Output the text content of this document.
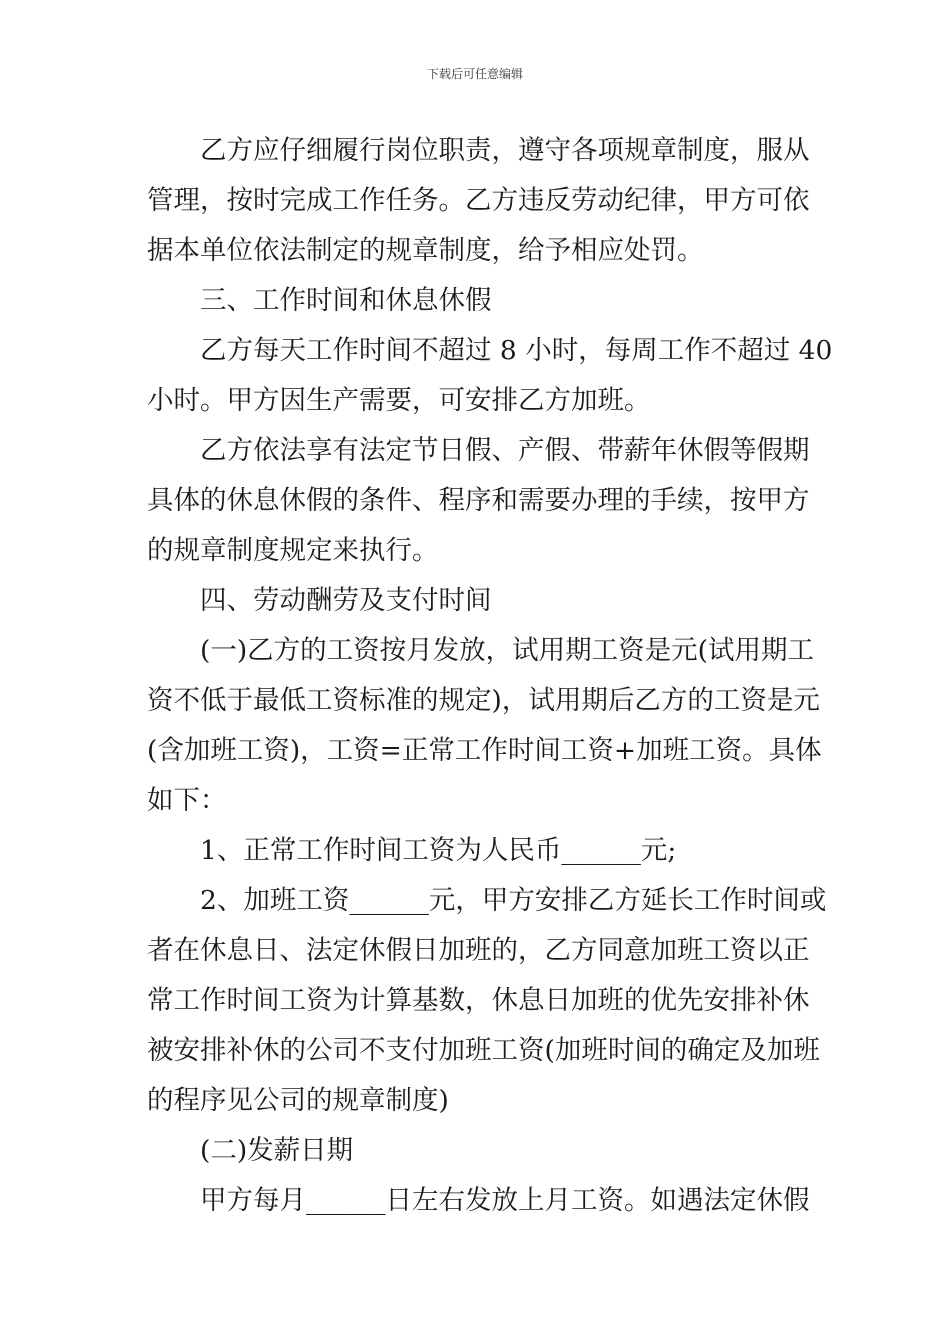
下载后可任意编辑

乙方应仔细履行岗位职责，遵守各项规章制度，服从

管理，按时完成工作任务。乙方违反劳动纪律，甲方可依

据本单位依法制定的规章制度，给予相应处罚。

三、工作时间和休息休假

乙方每天工作时间不超过 8 小时，每周工作不超过 40

小时。甲方因生产需要，可安排乙方加班。

乙方依法享有法定节日假、产假、带薪年休假等假期

具体的休息休假的条件、程序和需要办理的手续，按甲方

的规章制度规定来执行。

四、劳动酬劳及支付时间

(一)乙方的工资按月发放，试用期工资是元(试用期工

资不低于最低工资标准的规定)，试用期后乙方的工资是元

(含加班工资)，工资=正常工作时间工资+加班工资。具体

如下：

1、正常工作时间工资为人民币______元;

2、加班工资______元，甲方安排乙方延长工作时间或

者在休息日、法定休假日加班的，乙方同意加班工资以正

常工作时间工资为计算基数，休息日加班的优先安排补休

被安排补休的公司不支付加班工资(加班时间的确定及加班

的程序见公司的规章制度)

(二)发薪日期

甲方每月______日左右发放上月工资。如遇法定休假
